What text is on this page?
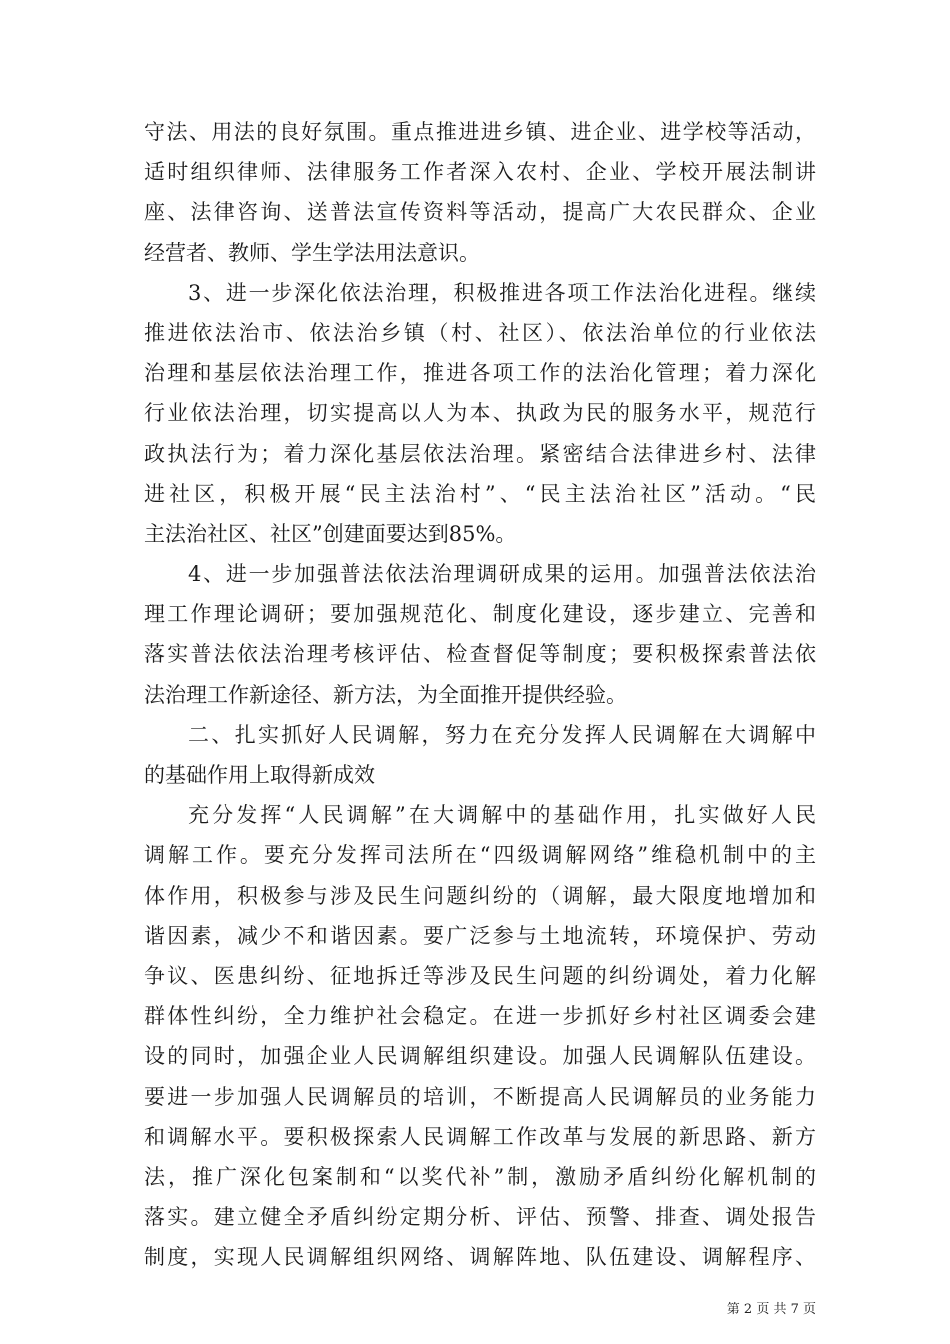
守法、用法的良好氛围。重点推进进乡镇、进企业、进学校等活动，
适时组织律师、法律服务工作者深入农村、企业、学校开展法制讲
座、法律咨询、送普法宣传资料等活动，提高广大农民群众、企业
经营者、教师、学生学法用法意识。
3、进一步深化依法治理，积极推进各项工作法治化进程。继续
推进依法治市、依法治乡镇（村、社区）、依法治单位的行业依法
治理和基层依法治理工作，推进各项工作的法治化管理；着力深化
行业依法治理，切实提高以人为本、执政为民的服务水平，规范行
政执法行为；着力深化基层依法治理。紧密结合法律进乡村、法律
进社区，积极开展“民主法治村”、“民主法治社区”活动。“民
主法治社区、社区”创建面要达到85%。
4、进一步加强普法依法治理调研成果的运用。加强普法依法治
理工作理论调研；要加强规范化、制度化建设，逐步建立、完善和
落实普法依法治理考核评估、检查督促等制度；要积极探索普法依
法治理工作新途径、新方法，为全面推开提供经验。
二、扎实抓好人民调解，努力在充分发挥人民调解在大调解中
的基础作用上取得新成效
充分发挥“人民调解”在大调解中的基础作用，扎实做好人民
调解工作。要充分发挥司法所在“四级调解网络”维稳机制中的主
体作用，积极参与涉及民生问题纠纷的（调解，最大限度地增加和
谐因素，减少不和谐因素。要广泛参与土地流转，环境保护、劳动
争议、医患纠纷、征地拆迁等涉及民生问题的纠纷调处，着力化解
群体性纠纷，全力维护社会稳定。在进一步抓好乡村社区调委会建
设的同时，加强企业人民调解组织建设。加强人民调解队伍建设。
要进一步加强人民调解员的培训，不断提高人民调解员的业务能力
和调解水平。要积极探索人民调解工作改革与发展的新思路、新方
法，推广深化包案制和“以奖代补”制，激励矛盾纠纷化解机制的
落实。建立健全矛盾纠纷定期分析、评估、预警、排查、调处报告
制度，实现人民调解组织网络、调解阵地、队伍建设、调解程序、
第 2 页 共 7 页
